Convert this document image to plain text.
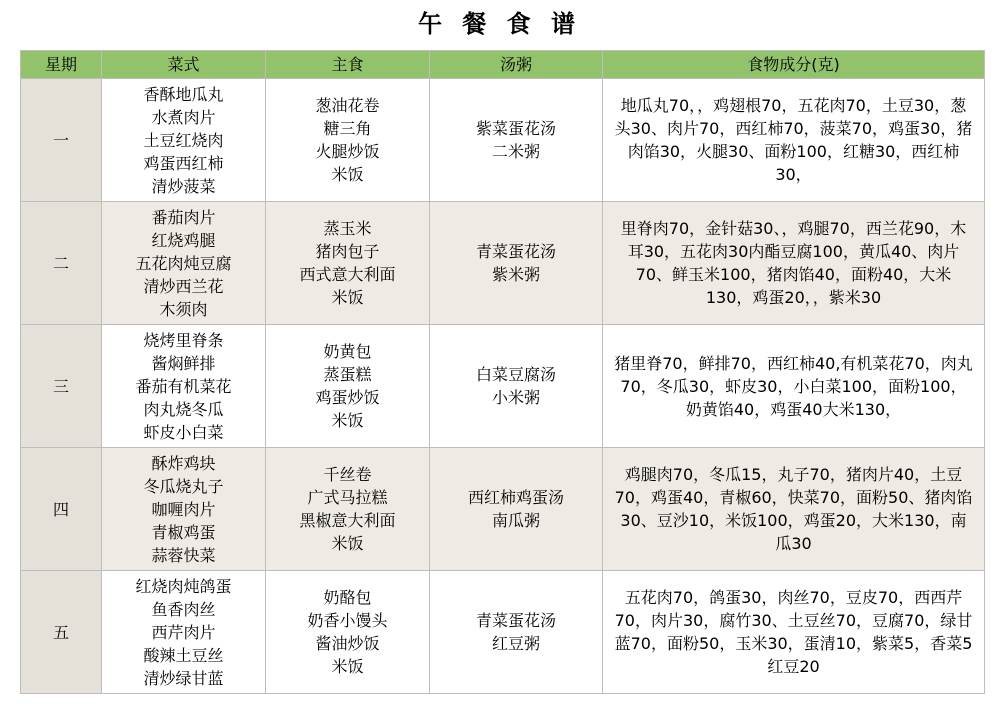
午 餐 食 谱
星期	菜式	主食	汤粥	食物成分(克)
一	香酥地瓜丸
水煮肉片
土豆红烧肉
鸡蛋西红柿
清炒菠菜	葱油花卷
糖三角
火腿炒饭
米饭	紫菜蛋花汤
二米粥	地瓜丸70，，鸡翅根70，五花肉70，土豆30，葱头30、肉片70，西红柿70，菠菜70，鸡蛋30，猪肉馅30，火腿30、面粉100，红糖30，西红柿30，
二	番茄肉片
红烧鸡腿
五花肉炖豆腐
清炒西兰花
木须肉	蒸玉米
猪肉包子
西式意大利面
米饭	青菜蛋花汤
紫米粥	里脊肉70，金针菇30、，鸡腿70，西兰花90，木耳30，五花肉30内酯豆腐100，黄瓜40、肉片70、鲜玉米100，猪肉馅40，面粉40，大米130，鸡蛋20，，紫米30
三	烧烤里脊条
酱焖鲜排
番茄有机菜花
肉丸烧冬瓜
虾皮小白菜	奶黄包
蒸蛋糕
鸡蛋炒饭
米饭	白菜豆腐汤
小米粥	猪里脊70，鲜排70，西红柿40,有机菜花70，肉丸70，冬瓜30，虾皮30，小白菜100，面粉100，奶黄馅40，鸡蛋40大米130，
四	酥炸鸡块
冬瓜烧丸子
咖喱肉片
青椒鸡蛋
蒜蓉快菜	千丝卷
广式马拉糕
黑椒意大利面
米饭	西红柿鸡蛋汤
南瓜粥	鸡腿肉70，冬瓜15，丸子70，猪肉片40，土豆70，鸡蛋40，青椒60，快菜70，面粉50、猪肉馅30、豆沙10，米饭100，鸡蛋20，大米130，南瓜30
五	红烧肉炖鸽蛋
鱼香肉丝
西芹肉片
酸辣土豆丝
清炒绿甘蓝	奶酪包
奶香小馒头
酱油炒饭
米饭	青菜蛋花汤
红豆粥	五花肉70，鸽蛋30，肉丝70，豆皮70，西西芹70，肉片30，腐竹30、土豆丝70，豆腐70，绿甘蓝70，面粉50，玉米30，蛋清10，紫菜5，香菜5红豆20
